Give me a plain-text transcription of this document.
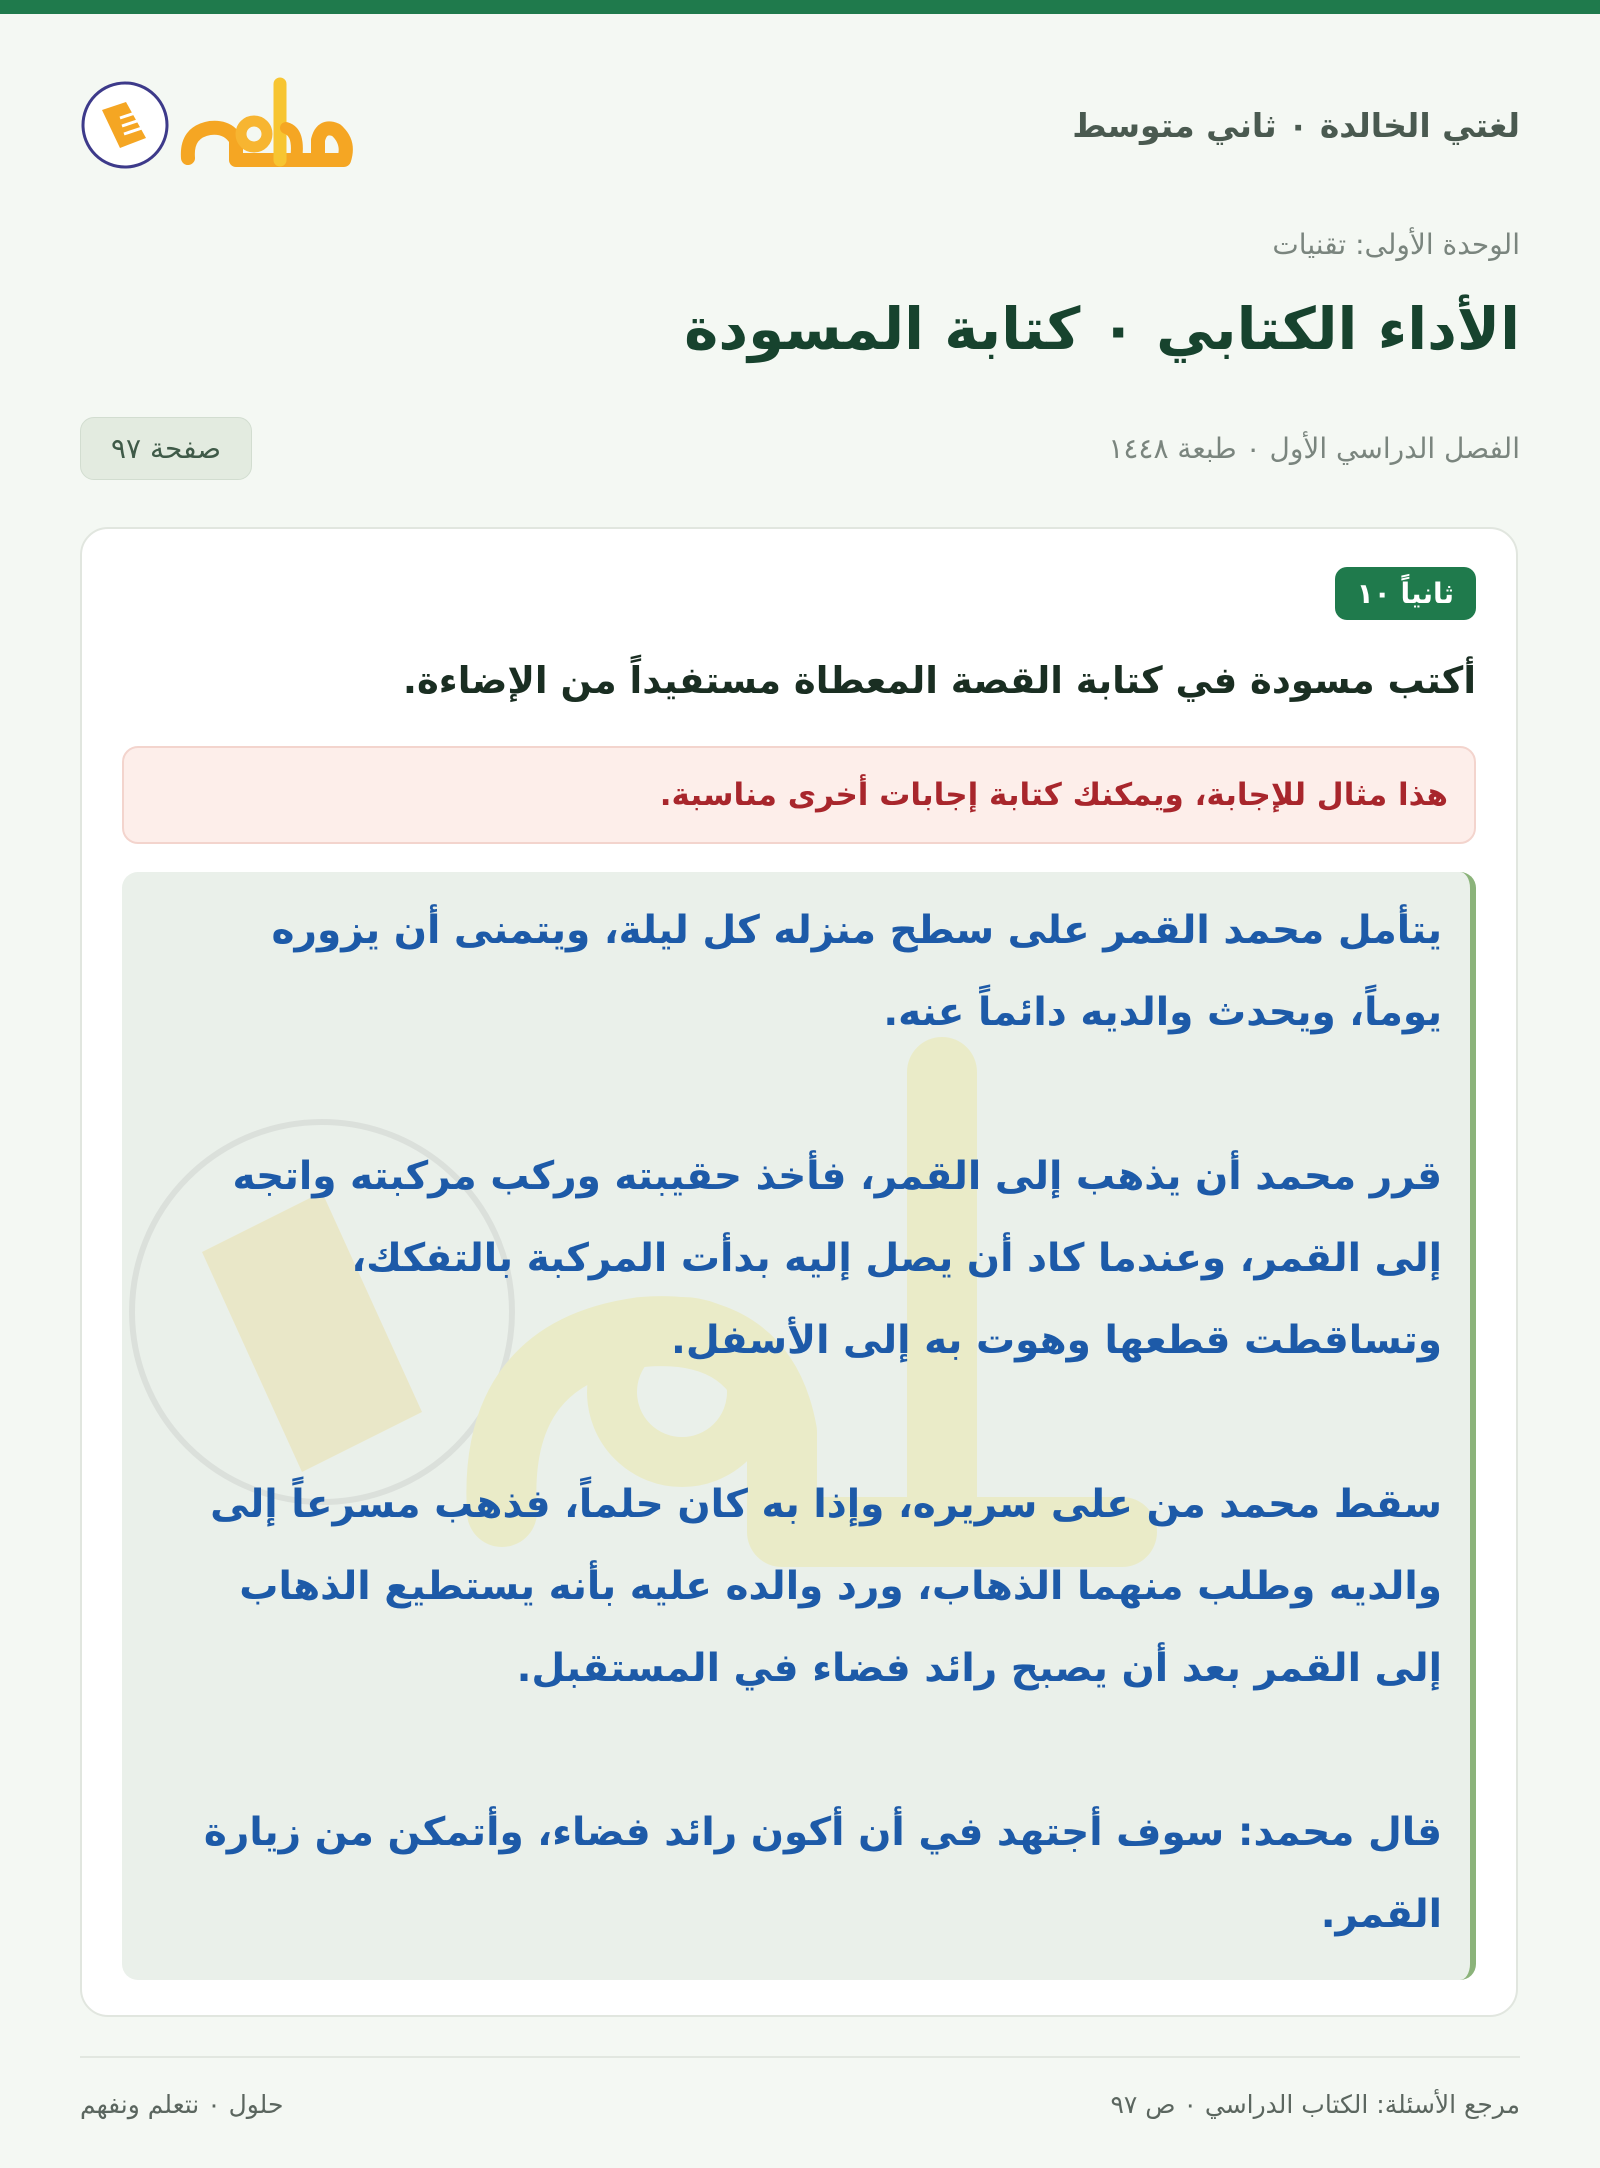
لغتي الخالدة ٠ ثاني متوسط
الوحدة الأولى: تقنيات
الأداء الكتابي ٠ كتابة المسودة
الفصل الدراسي الأول ٠ طبعة ١٤٤٨
صفحة ٩٧
ثانياً ١٠
أكتب مسودة في كتابة القصة المعطاة مستفيداً من الإضاءة.
هذا مثال للإجابة، ويمكنك كتابة إجابات أخرى مناسبة.

يتأمل محمد القمر على سطح منزله كل ليلة، ويتمنى أن يزوره يوماً، ويحدث والديه دائماً عنه.

قرر محمد أن يذهب إلى القمر، فأخذ حقيبته وركب مركبته واتجه إلى القمر، وعندما كاد أن يصل إليه بدأت المركبة بالتفكك، وتساقطت قطعها وهوت به إلى الأسفل.

سقط محمد من على سريره، وإذا به كان حلماً، فذهب مسرعاً إلى والديه وطلب منهما الذهاب، ورد والده عليه بأنه يستطيع الذهاب إلى القمر بعد أن يصبح رائد فضاء في المستقبل.

قال محمد: سوف أجتهد في أن أكون رائد فضاء، وأتمكن من زيارة القمر.

مرجع الأسئلة: الكتاب الدراسي ٠ ص ٩٧
حلول ٠ نتعلم ونفهم
